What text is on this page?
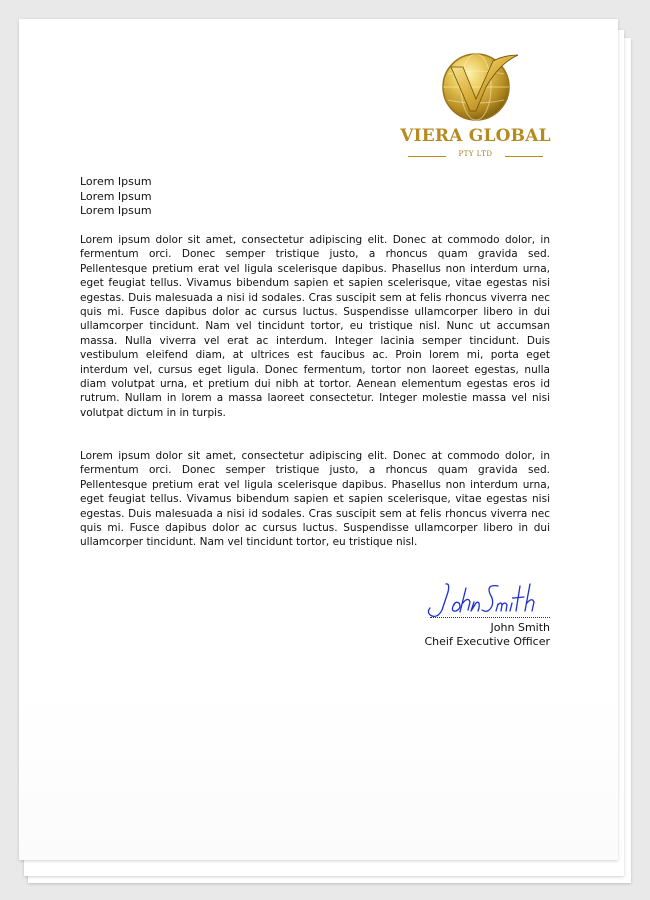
VIERA GLOBAL
PTY LTD
Lorem Ipsum
Lorem Ipsum
Lorem Ipsum

Lorem ipsum dolor sit amet, consectetur adipiscing elit. Donec at commodo dolor, in fermentum orci. Donec semper tristique justo, a rhoncus quam gravida sed. Pellentesque pretium erat vel ligula scelerisque dapibus. Phasellus non interdum urna, eget feugiat tellus. Vivamus bibendum sapien et sapien scelerisque, vitae egestas nisi egestas. Duis malesuada a nisi id sodales. Cras suscipit sem at felis rhoncus viverra nec quis mi. Fusce dapibus dolor ac cursus luctus. Suspendisse ullamcorper libero in dui ullamcorper tincidunt. Nam vel tincidunt tortor, eu tristique nisl. Nunc ut accumsan massa. Nulla viverra vel erat ac interdum. Integer lacinia semper tincidunt. Duis vestibulum eleifend diam, at ultrices est faucibus ac. Proin lorem mi, porta eget interdum vel, cursus eget ligula. Donec fermentum, tortor non laoreet egestas, nulla diam volutpat urna, et pretium dui nibh at tortor. Aenean elementum egestas eros id rutrum. Nullam in lorem a massa laoreet consectetur. Integer molestie massa vel nisi volutpat dictum in in turpis.

Lorem ipsum dolor sit amet, consectetur adipiscing elit. Donec at commodo dolor, in fermentum orci. Donec semper tristique justo, a rhoncus quam gravida sed. Pellentesque pretium erat vel ligula scelerisque dapibus. Phasellus non interdum urna, eget feugiat tellus. Vivamus bibendum sapien et sapien scelerisque, vitae egestas nisi egestas. Duis malesuada a nisi id sodales. Cras suscipit sem at felis rhoncus viverra nec quis mi. Fusce dapibus dolor ac cursus luctus. Suspendisse ullamcorper libero in dui ullamcorper tincidunt. Nam vel tincidunt tortor, eu tristique nisl.

John Smith
Cheif Executive Officer
